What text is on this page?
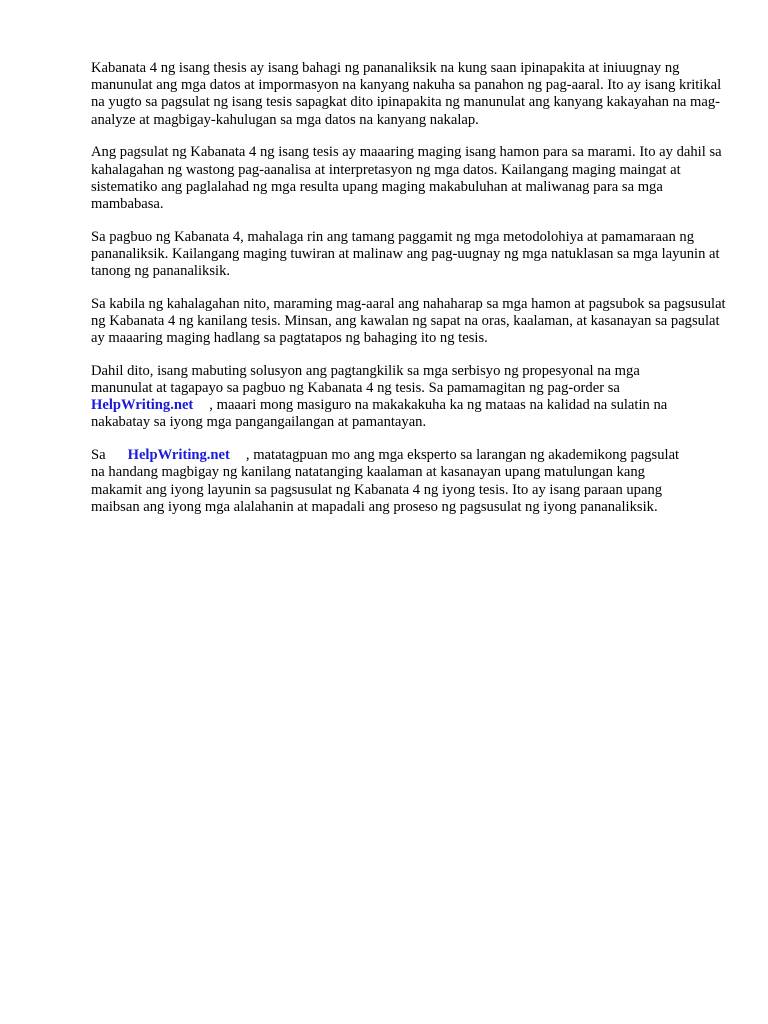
Kabanata 4 ng isang thesis ay isang bahagi ng pananaliksik na kung saan ipinapakita at iniuugnay ng manunulat ang mga datos at impormasyon na kanyang nakuha sa panahon ng pag-aaral. Ito ay isang kritikal na yugto sa pagsulat ng isang tesis sapagkat dito ipinapakita ng manunulat ang kanyang kakayahan na mag-analyze at magbigay-kahulugan sa mga datos na kanyang nakalap.

Ang pagsulat ng Kabanata 4 ng isang tesis ay maaaring maging isang hamon para sa marami. Ito ay dahil sa kahalagahan ng wastong pag-aanalisa at interpretasyon ng mga datos. Kailangang maging maingat at sistematiko ang paglalahad ng mga resulta upang maging makabuluhan at maliwanag para sa mga mambabasa.

Sa pagbuo ng Kabanata 4, mahalaga rin ang tamang paggamit ng mga metodolohiya at pamamaraan ng pananaliksik. Kailangang maging tuwiran at malinaw ang pag-uugnay ng mga natuklasan sa mga layunin at tanong ng pananaliksik.

Sa kabila ng kahalagahan nito, maraming mag-aaral ang nahaharap sa mga hamon at pagsubok sa pagsusulat ng Kabanata 4 ng kanilang tesis. Minsan, ang kawalan ng sapat na oras, kaalaman, at kasanayan sa pagsulat ay maaaring maging hadlang sa pagtatapos ng bahaging ito ng tesis.

Dahil dito, isang mabuting solusyon ang pagtangkilik sa mga serbisyo ng propesyonal na mga

manunulat at tagapayo sa pagbuo ng Kabanata 4 ng tesis. Sa pamamagitan ng pag-order sa

HelpWriting.net , maaari mong masiguro na makakakuha ka ng mataas na kalidad na sulatin na

nakabatay sa iyong mga pangangailangan at pamantayan.

Sa HelpWriting.net , matatagpuan mo ang mga eksperto sa larangan ng akademikong pagsulat

na handang magbigay ng kanilang natatanging kaalaman at kasanayan upang matulungan kang

makamit ang iyong layunin sa pagsusulat ng Kabanata 4 ng iyong tesis. Ito ay isang paraan upang

maibsan ang iyong mga alalahanin at mapadali ang proseso ng pagsusulat ng iyong pananaliksik.
